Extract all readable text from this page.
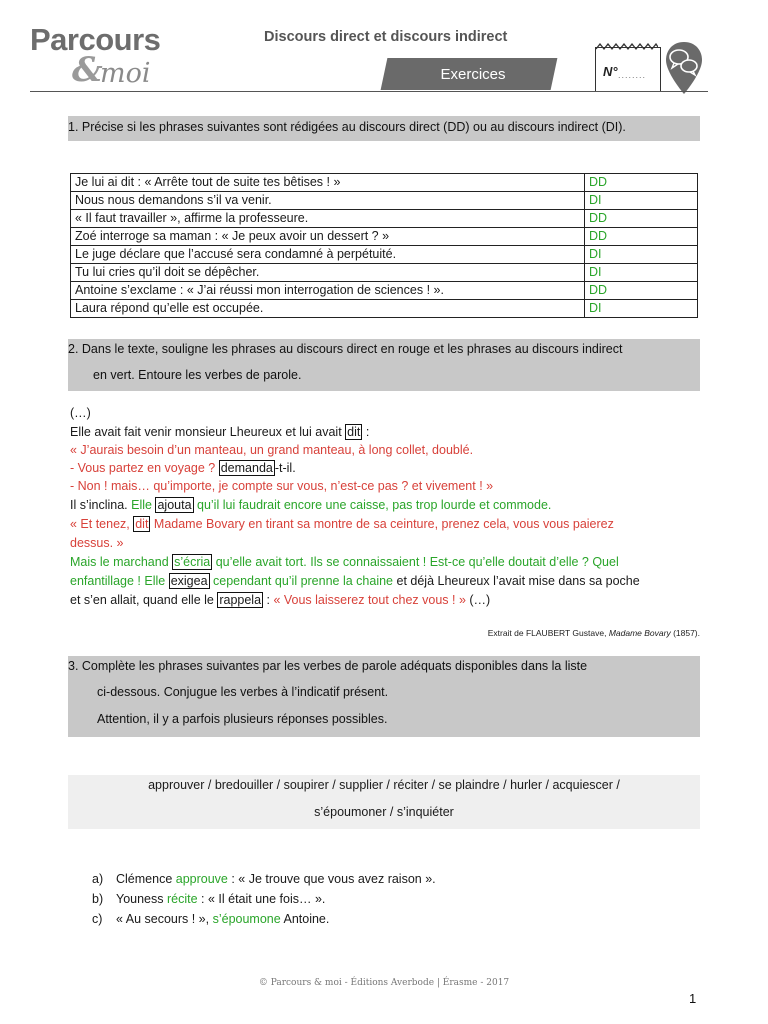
Parcours
&
moi
Discours direct et discours indirect
Exercices	N° ........
1. Précise si les phrases suivantes sont rédigées au discours direct (DD) ou au discours indirect (DI).
Je lui ai dit : « Arrête tout de suite tes bêtises ! »	DD
Nous nous demandons s’il va venir.	DI
« Il faut travailler », affirme la professeure.	DD
Zoé interroge sa maman : « Je peux avoir un dessert ? »	DD
Le juge déclare que l’accusé sera condamné à perpétuité.	DI
Tu lui cries qu’il doit se dépêcher.	DI
Antoine s’exclame : « J’ai réussi mon interrogation de sciences ! ».	DD
Laura répond qu’elle est occupée.	DI
2. Dans le texte, souligne les phrases au discours direct en rouge et les phrases au discours indirect
en vert. Entoure les verbes de parole.
(…)
Elle avait fait venir monsieur Lheureux et lui avait dit :
« J’aurais besoin d’un manteau, un grand manteau, à long collet, doublé.
- Vous partez en voyage ? demanda -t-il.
- Non ! mais… qu’importe, je compte sur vous, n’est-ce pas ? et vivement ! »
Il s’inclina. Elle ajouta qu’il lui faudrait encore une caisse, pas trop lourde et commode.
« Et tenez, dit Madame Bovary en tirant sa montre de sa ceinture, prenez cela, vous vous paierez
dessus. »
Mais le marchand s’écria qu’elle avait tort. Ils se connaissaient ! Est-ce qu’elle doutait d’elle ? Quel
enfantillage ! Elle exigea cependant qu’il prenne la chaine et déjà Lheureux l’avait mise dans sa poche
et s’en allait, quand elle le rappela : « Vous laisserez tout chez vous ! » (…)
Extrait de FLAUBERT Gustave, Madame Bovary (1857).
3. Complète les phrases suivantes par les verbes de parole adéquats disponibles dans la liste
ci-dessous. Conjugue les verbes à l’indicatif présent.
Attention, il y a parfois plusieurs réponses possibles.
approuver / bredouiller / soupirer / supplier / réciter / se plaindre / hurler / acquiescer /
s’époumoner / s’inquiéter
a) Clémence approuve : « Je trouve que vous avez raison ».
b) Youness récite : « Il était une fois… ».
c) « Au secours ! », s’époumone Antoine.
© Parcours & moi - Éditions Averbode | Érasme - 2017
1
